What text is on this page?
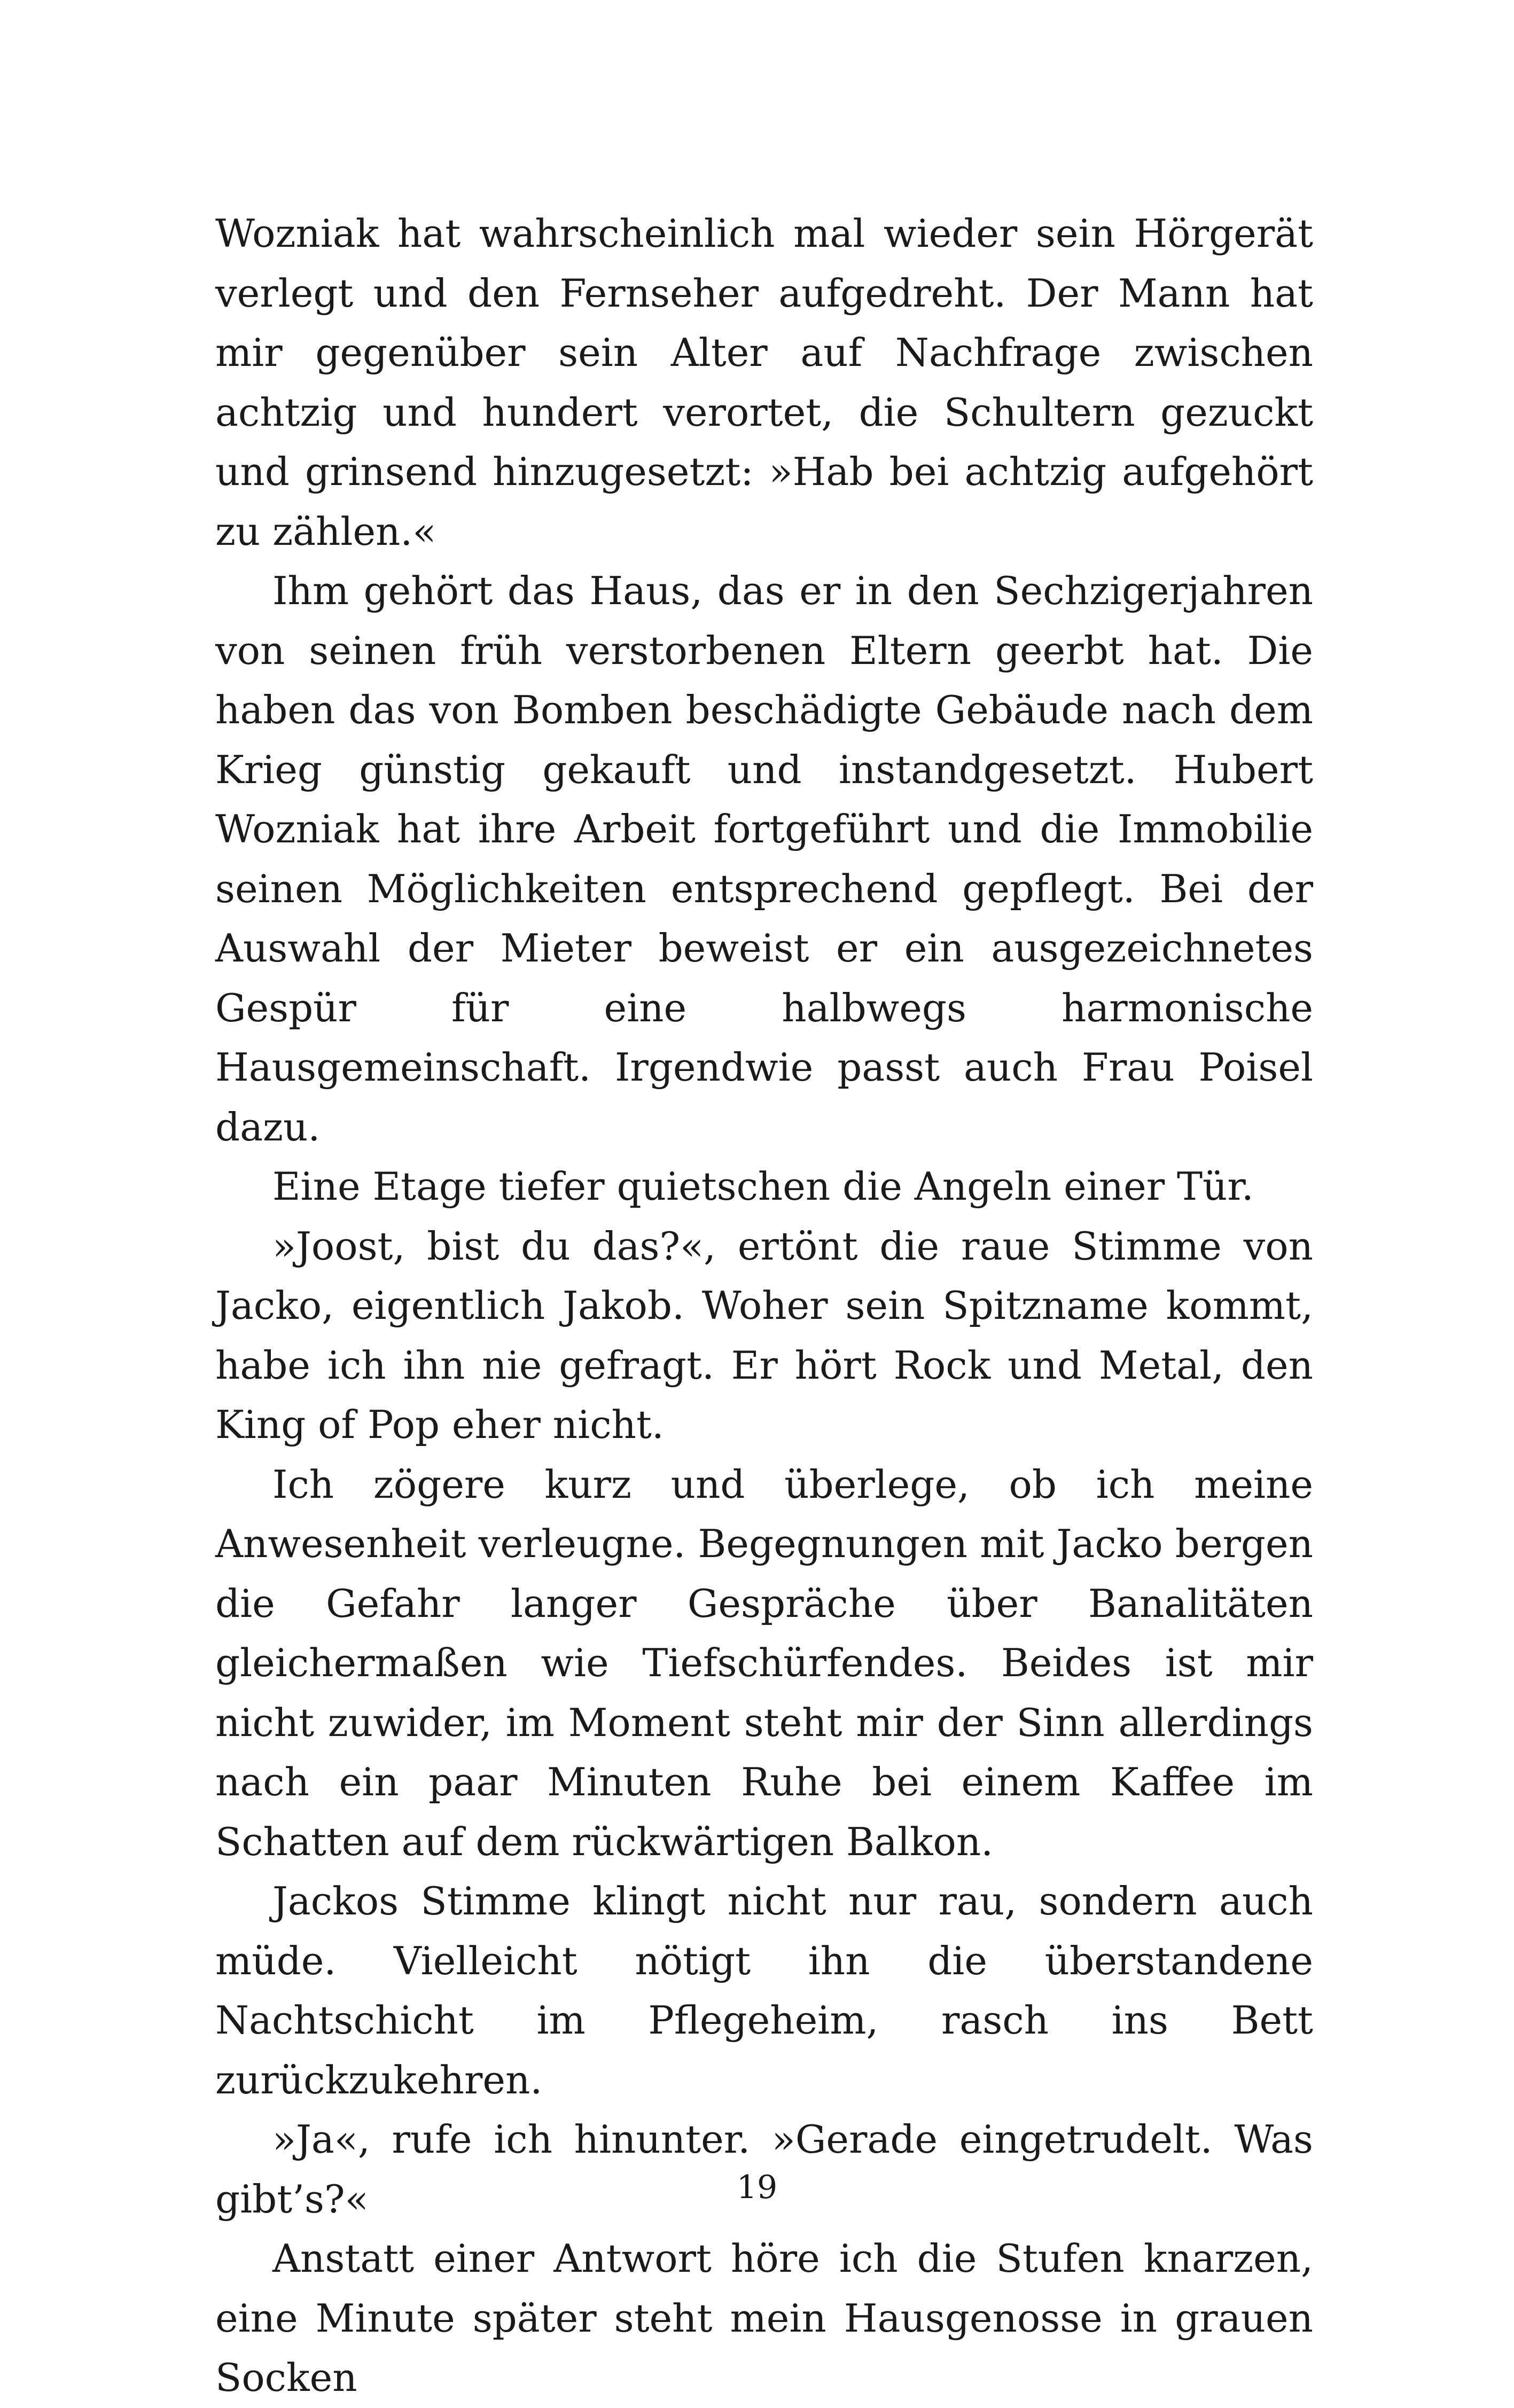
Wozniak hat wahrscheinlich mal wieder sein Hörgerät verlegt und den Fernseher aufgedreht. Der Mann hat mir gegenüber sein Alter auf Nachfrage zwischen achtzig und hundert verortet, die Schultern gezuckt und grinsend hinzugesetzt: »Hab bei achtzig aufgehört zu zählen.«

Ihm gehört das Haus, das er in den Sechzigerjahren von seinen früh verstorbenen Eltern geerbt hat. Die haben das von Bomben beschädigte Gebäude nach dem Krieg günstig gekauft und instandgesetzt. Hubert Wozniak hat ihre Arbeit fortgeführt und die Immobilie seinen Möglichkeiten entsprechend gepflegt. Bei der Auswahl der Mieter beweist er ein ausgezeichnetes Gespür für eine halbwegs harmonische Hausgemeinschaft. Irgendwie passt auch Frau Poisel dazu.

Eine Etage tiefer quietschen die Angeln einer Tür.

»Joost, bist du das?«, ertönt die raue Stimme von Jacko, eigentlich Jakob. Woher sein Spitzname kommt, habe ich ihn nie gefragt. Er hört Rock und Metal, den King of Pop eher nicht.

Ich zögere kurz und überlege, ob ich meine Anwesenheit verleugne. Begegnungen mit Jacko bergen die Gefahr langer Gespräche über Banalitäten gleichermaßen wie Tiefschürfendes. Beides ist mir nicht zuwider, im Moment steht mir der Sinn allerdings nach ein paar Minuten Ruhe bei einem Kaffee im Schatten auf dem rückwärtigen Balkon.

Jackos Stimme klingt nicht nur rau, sondern auch müde. Vielleicht nötigt ihn die überstandene Nachtschicht im Pflegeheim, rasch ins Bett zurückzukehren.

»Ja«, rufe ich hinunter. »Gerade eingetrudelt. Was gibt’s?«

Anstatt einer Antwort höre ich die Stufen knarzen, eine Minute später steht mein Hausgenosse in grauen Socken

19
